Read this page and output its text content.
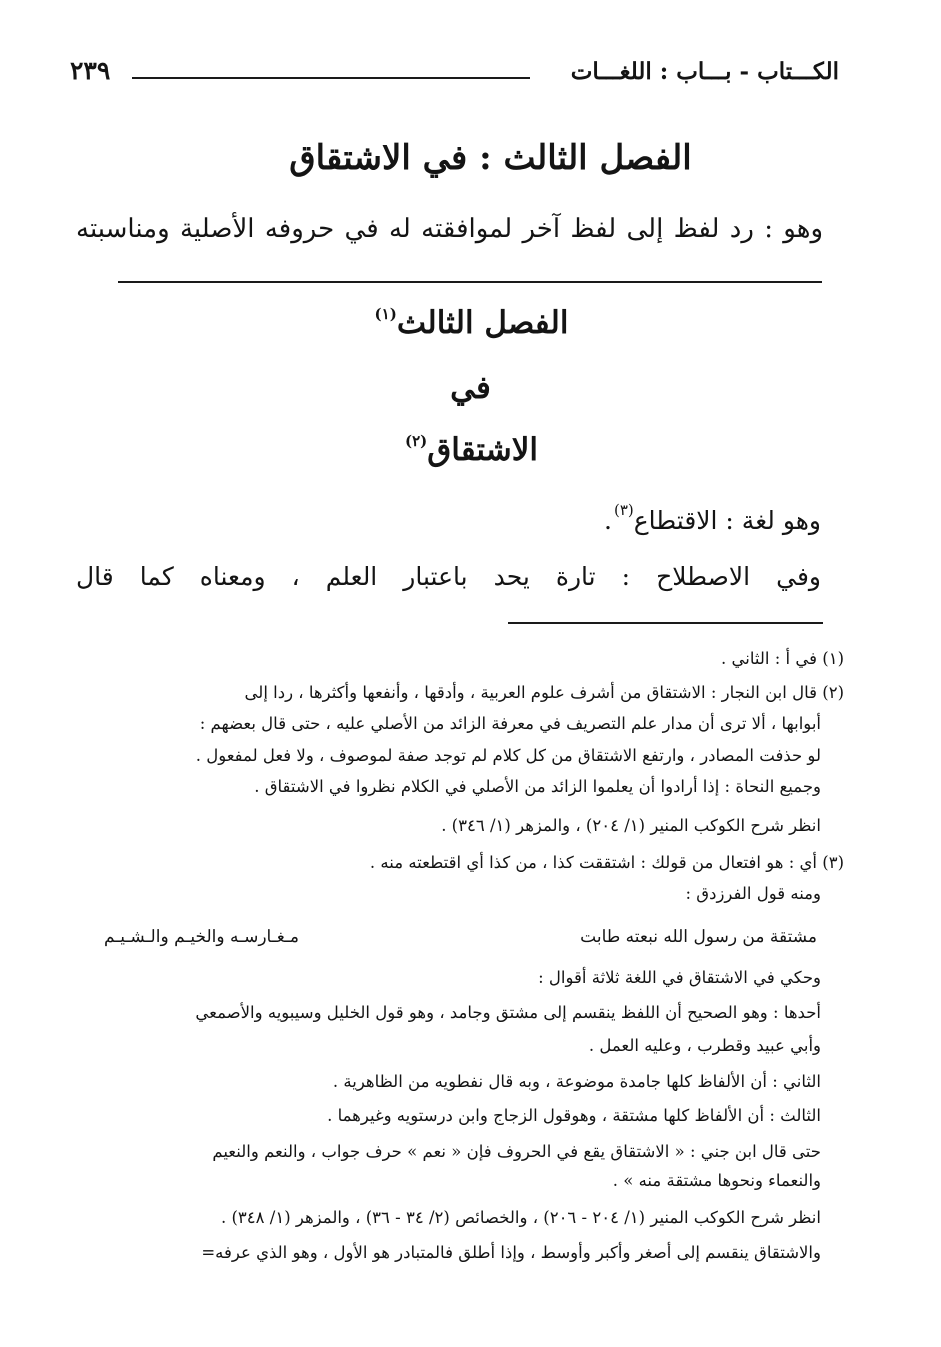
الكـــتاب - بـــاب : اللغـــات
٢٣٩
الفصل الثالث : في الاشتقاق
وهو : رد لفظ إلى لفظ آخر لموافقته له في حروفه الأصلية ومناسبته
الفصل الثالث$^{(١)}$
في
الاشتقاق$^{(٢)}$
وهو لغة : الاقتطاع$^{(٣)}$.
وفي الاصطلاح : تارة يحد باعتبار العلم ، ومعناه كما قال
(١) في أ : الثاني .
(٢) قال ابن النجار : الاشتقاق من أشرف علوم العربية ، وأدقها ، وأنفعها وأكثرها ، ردا إلى
أبوابها ، ألا ترى أن مدار علم التصريف في معرفة الزائد من الأصلي عليه ، حتى قال بعضهم :
لو حذفت المصادر ، وارتفع الاشتقاق من كل كلام لم توجد صفة لموصوف ، ولا فعل لمفعول .
وجميع النحاة : إذا أرادوا أن يعلموا الزائد من الأصلي في الكلام نظروا في الاشتقاق .
انظر شرح الكوكب المنير (١/ ٢٠٤) ، والمزهر (١/ ٣٤٦) .
(٣) أي : هو افتعال من قولك : اشتققت كذا ، من كذا أي اقتطعته منه .
ومنه قول الفرزدق :
مشتقة من رسول الله نبعته طابت
مـغـارسـه والخيـم والـشـيـم
وحكي في الاشتقاق في اللغة ثلاثة أقوال :
أحدها : وهو الصحيح أن اللفظ ينقسم إلى مشتق وجامد ، وهو قول الخليل وسيبويه والأصمعي
وأبي عبيد وقطرب ، وعليه العمل .
الثاني : أن الألفاظ كلها جامدة موضوعة ، وبه قال نفطويه من الظاهرية .
الثالث : أن الألفاظ كلها مشتقة ، وهوقول الزجاج وابن درستويه وغيرهما .
حتى قال ابن جني : « الاشتقاق يقع في الحروف فإن « نعم » حرف جواب ، والنعم والنعيم
والنعماء ونحوها مشتقة منه » .
انظر شرح الكوكب المنير (١/ ٢٠٤ - ٢٠٦) ، والخصائص (٢/ ٣٤ - ٣٦) ، والمزهر (١/ ٣٤٨) .
والاشتقاق ينقسم إلى أصغر وأكبر وأوسط ، وإذا أطلق فالمتبادر هو الأول ، وهو الذي عرفه=
